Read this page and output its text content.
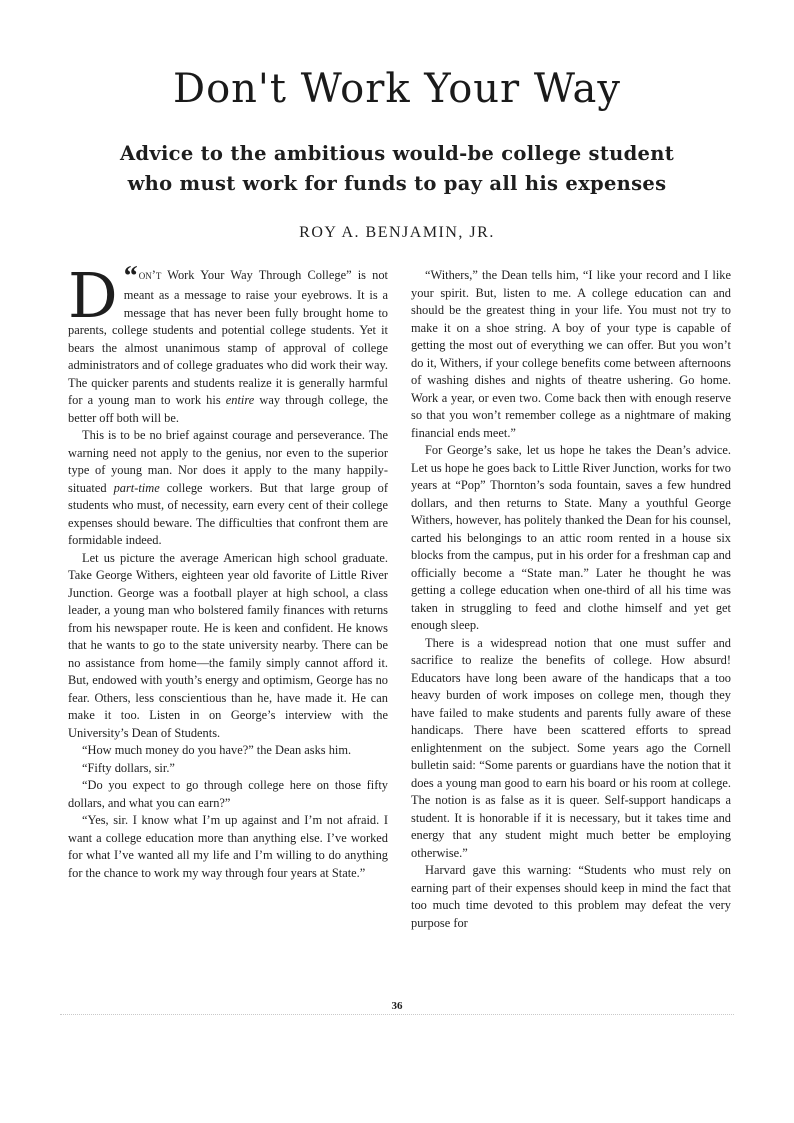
Don't Work Your Way
Advice to the ambitious would-be college student
who must work for funds to pay all his expenses
ROY A. BENJAMIN, JR.

“
D on’t Work Your Way Through College” is not meant as a message to raise your eyebrows. It is a message that has never been fully brought home to parents, college students and potential college students. Yet it bears the almost unanimous stamp of approval of college administrators and of college graduates who did work their way. The quicker parents and students realize it is generally harmful for a young man to work his entire way through college, the better off both will be.

This is to be no brief against courage and perseverance. The warning need not apply to the genius, nor even to the superior type of young man. Nor does it apply to the many happily-situated part-time college workers. But that large group of students who must, of necessity, earn every cent of their college expenses should beware. The difficulties that confront them are formidable indeed.

Let us picture the average American high school graduate. Take George Withers, eighteen year old favorite of Little River Junction. George was a football player at high school, a class leader, a young man who bolstered family finances with returns from his newspaper route. He is keen and confident. He knows that he wants to go to the state university nearby. There can be no assistance from home—the family simply cannot afford it. But, endowed with youth’s energy and optimism, George has no fear. Others, less conscientious than he, have made it. He can make it too. Listen in on George’s interview with the University’s Dean of Students.

“How much money do you have?” the Dean asks him.

“Fifty dollars, sir.”

“Do you expect to go through college here on those fifty dollars, and what you can earn?”

“Yes, sir. I know what I’m up against and I’m not afraid. I want a college education more than anything else. I’ve worked for what I’ve wanted all my life and I’m willing to do anything for the chance to work my way through four years at State.”

“Withers,” the Dean tells him, “I like your record and I like your spirit. But, listen to me. A college education can and should be the greatest thing in your life. You must not try to make it on a shoe string. A boy of your type is capable of getting the most out of everything we can offer. But you won’t do it, Withers, if your college benefits come between afternoons of washing dishes and nights of theatre ushering. Go home. Work a year, or even two. Come back then with enough reserve so that you won’t remember college as a nightmare of making financial ends meet.”

For George’s sake, let us hope he takes the Dean’s advice. Let us hope he goes back to Little River Junction, works for two years at “Pop” Thornton’s soda fountain, saves a few hundred dollars, and then returns to State. Many a youthful George Withers, however, has politely thanked the Dean for his counsel, carted his belongings to an attic room rented in a house six blocks from the campus, put in his order for a freshman cap and officially become a “State man.” Later he thought he was getting a college education when one-third of all his time was taken in struggling to feed and clothe himself and yet get enough sleep.

There is a widespread notion that one must suffer and sacrifice to realize the benefits of college. How absurd! Educators have long been aware of the handicaps that a too heavy burden of work imposes on college men, though they have failed to make students and parents fully aware of these handicaps. There have been scattered efforts to spread enlightenment on the subject. Some years ago the Cornell bulletin said: “Some parents or guardians have the notion that it does a young man good to earn his board or his room at college. The notion is as false as it is queer. Self-support handicaps a student. It is honorable if it is necessary, but it takes time and energy that any student might much better be employing otherwise.”

Harvard gave this warning: “Students who must rely on earning part of their expenses should keep in mind the fact that too much time devoted to this problem may defeat the very purpose for

36
